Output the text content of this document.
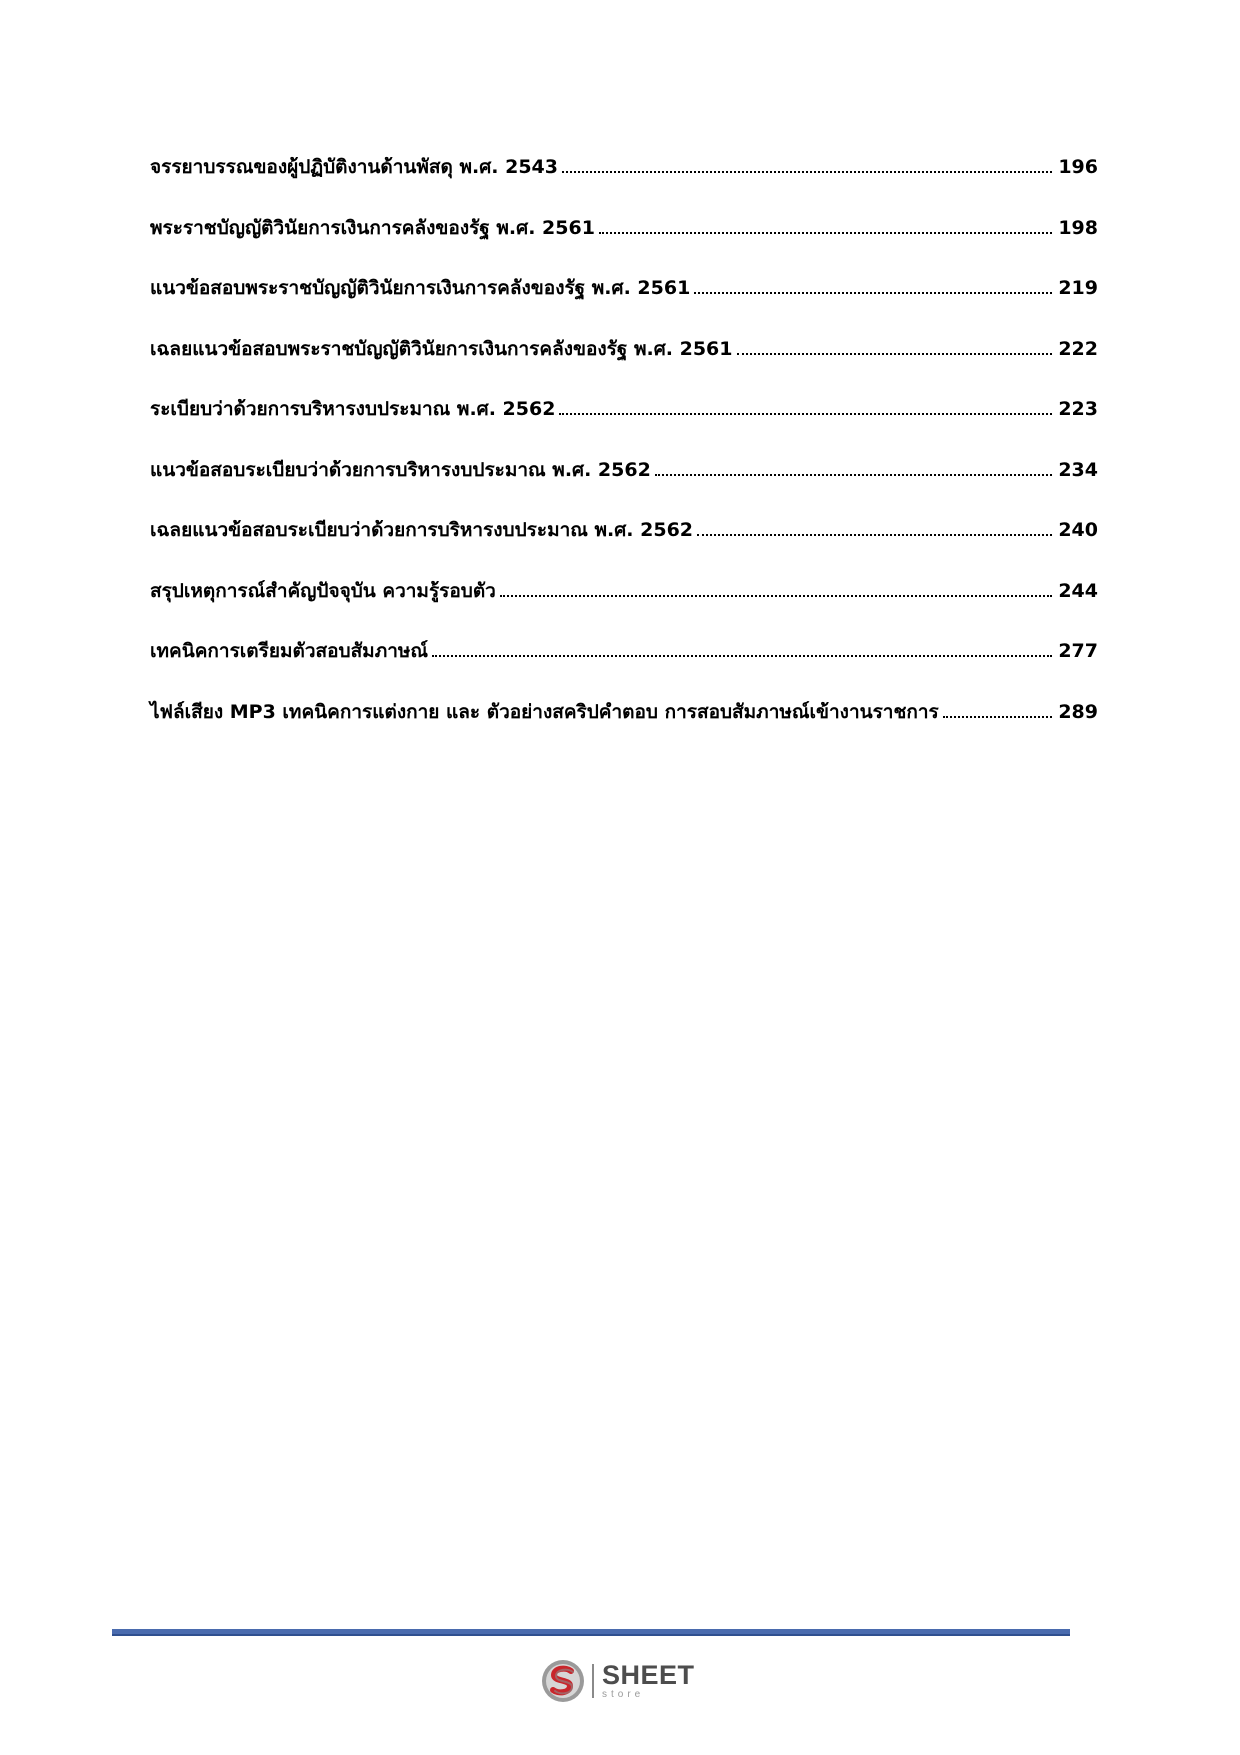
จรรยาบรรณของผู้ปฏิบัติงานด้านพัสดุ พ.ศ. 2543	196
พระราชบัญญัติวินัยการเงินการคลังของรัฐ พ.ศ. 2561	198
แนวข้อสอบพระราชบัญญัติวินัยการเงินการคลังของรัฐ พ.ศ. 2561	219
เฉลยแนวข้อสอบพระราชบัญญัติวินัยการเงินการคลังของรัฐ พ.ศ. 2561	222
ระเบียบว่าด้วยการบริหารงบประมาณ พ.ศ. 2562	223
แนวข้อสอบระเบียบว่าด้วยการบริหารงบประมาณ พ.ศ. 2562	234
เฉลยแนวข้อสอบระเบียบว่าด้วยการบริหารงบประมาณ พ.ศ. 2562	240
สรุปเหตุการณ์สำคัญปัจจุบัน ความรู้รอบตัว	244
เทคนิคการเตรียมตัวสอบสัมภาษณ์	277
ไฟล์เสียง MP3 เทคนิคการแต่งกาย และ ตัวอย่างสคริปคำตอบ การสอบสัมภาษณ์เข้างานราชการ	289
SHEET
store
